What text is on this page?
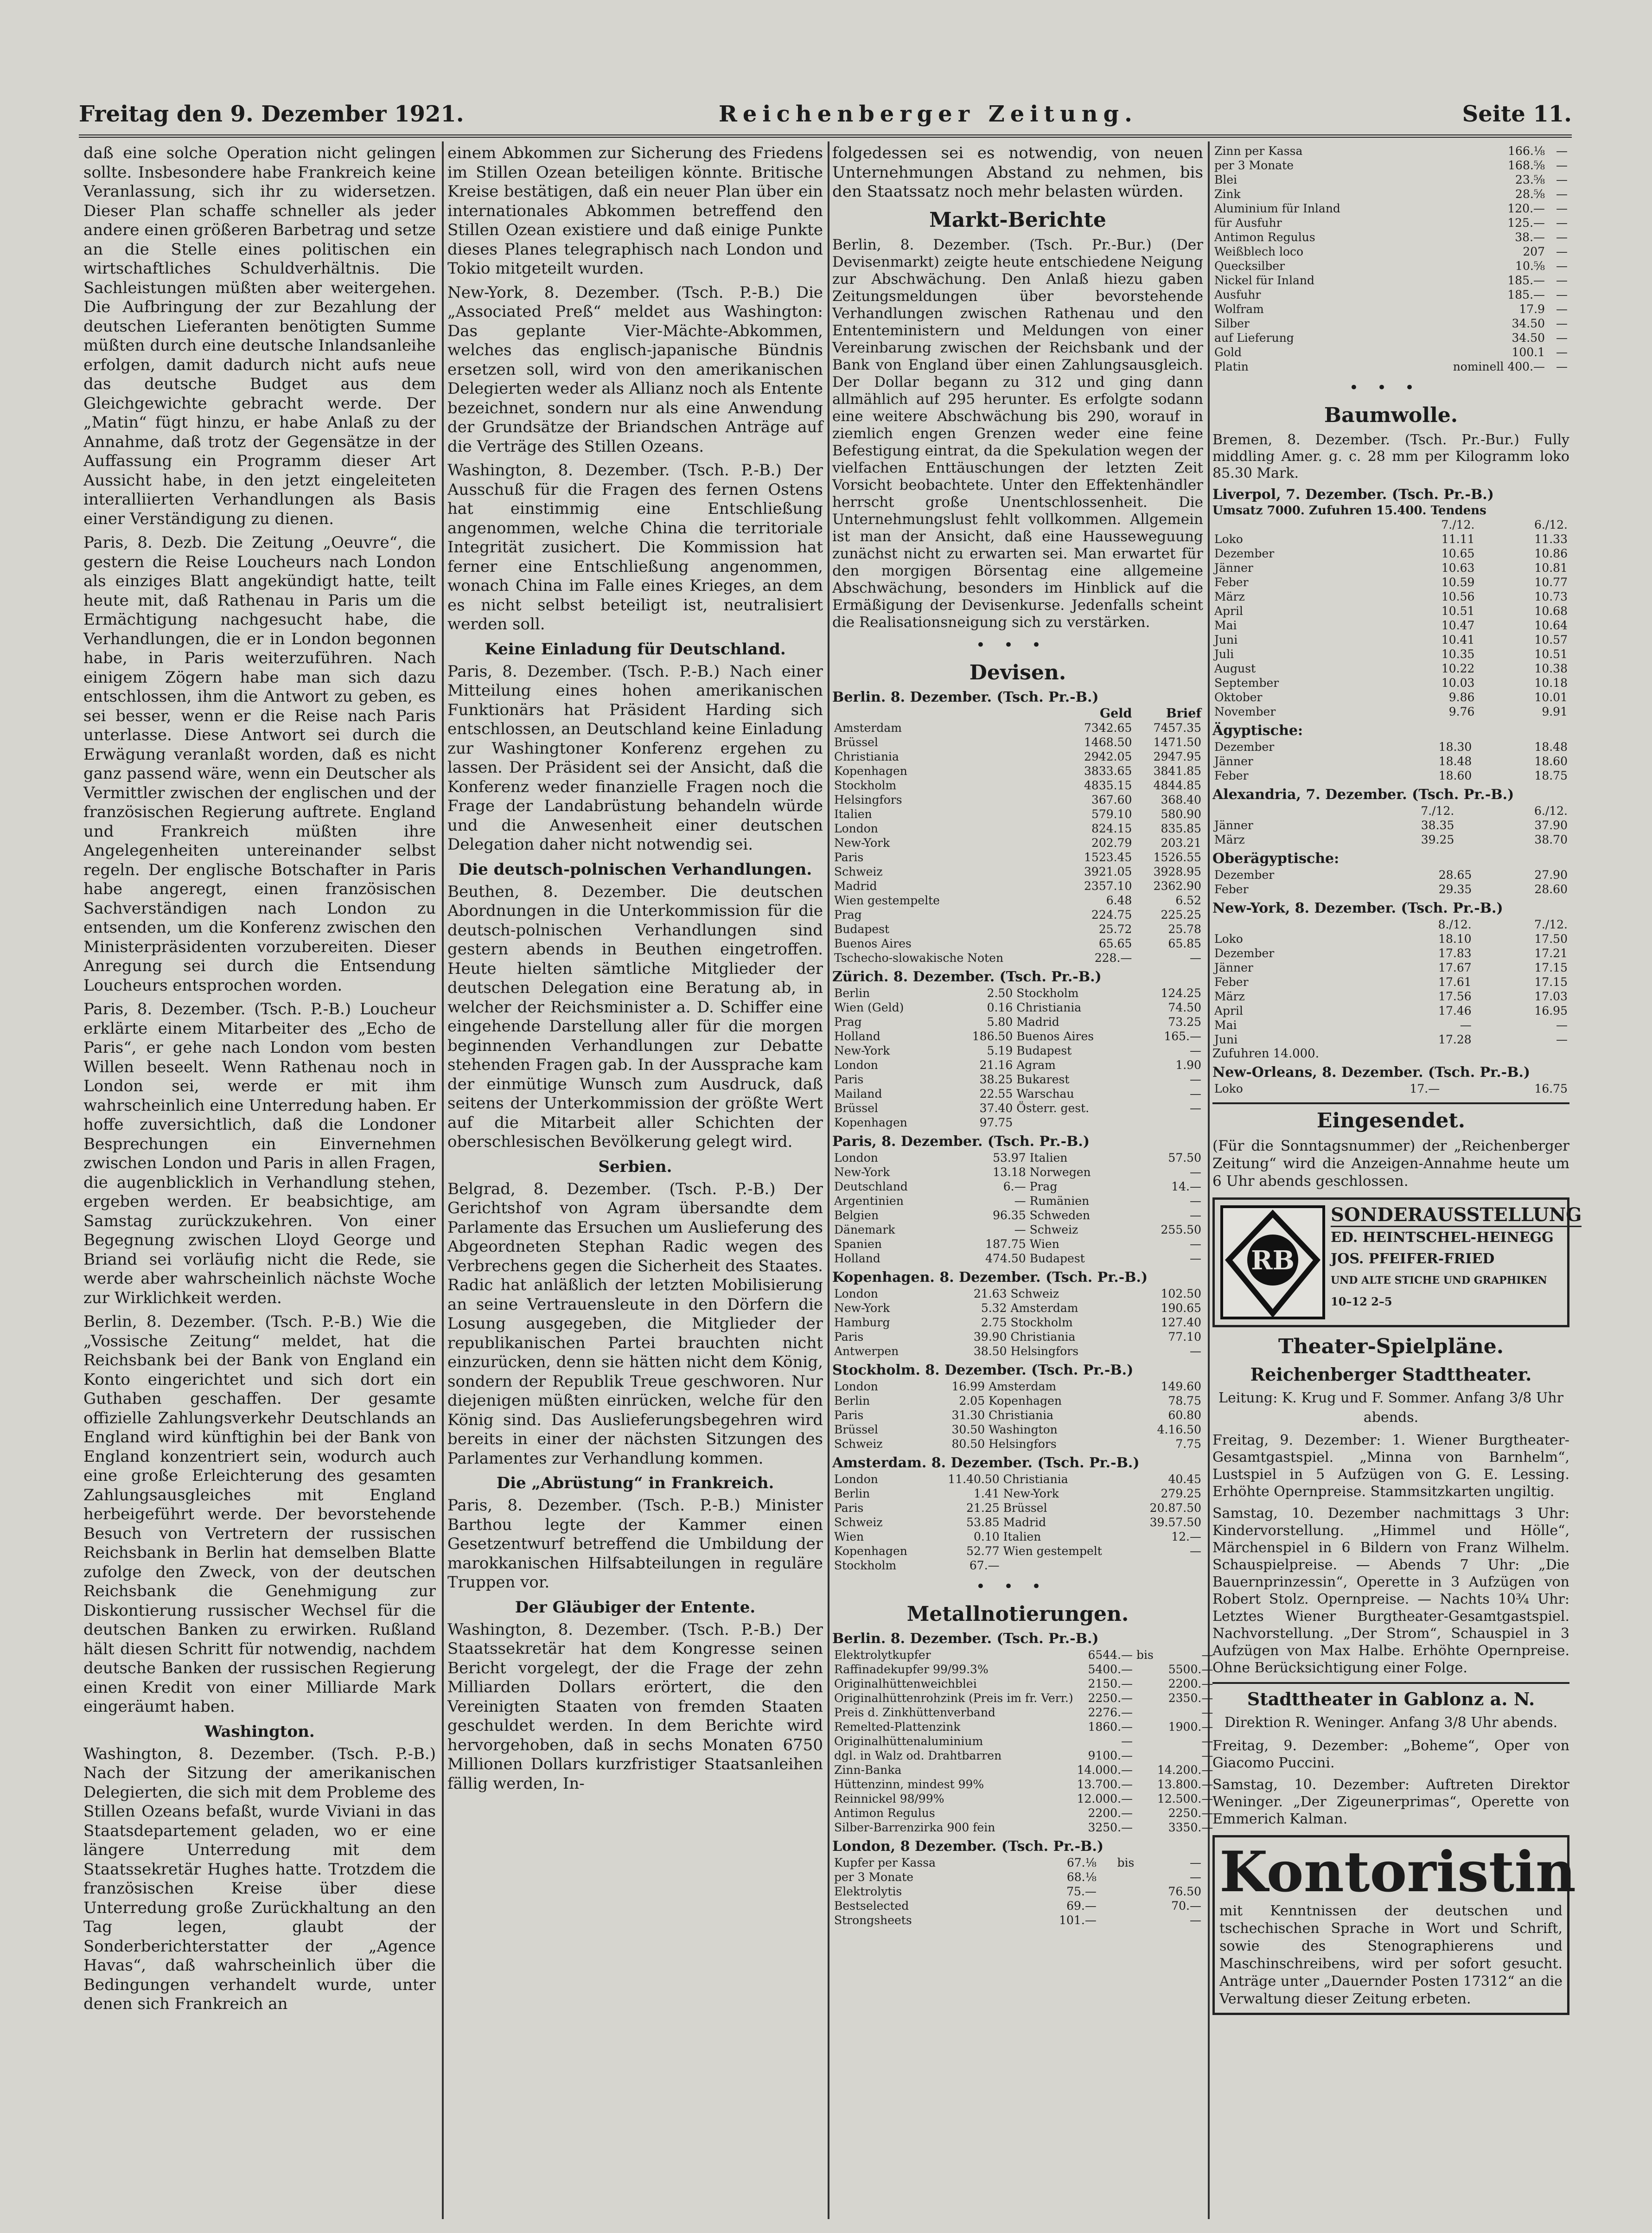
Freitag den 9. Dezember 1921.	Reichenberger Zeitung.	Seite 11.

daß eine solche Operation nicht gelingen sollte. Insbesondere habe Frankreich keine Veranlassung, sich ihr zu widersetzen. Dieser Plan schaffe schneller als jeder andere einen größeren Barbetrag und setze an die Stelle eines politischen ein wirtschaftliches Schuldverhältnis. Die Sachleistungen müßten aber weitergehen. Die Aufbringung der zur Bezahlung der deutschen Lieferanten benötigten Summe müßten durch eine deutsche Inlandsanleihe erfolgen, damit dadurch nicht aufs neue das deutsche Budget aus dem Gleichgewichte gebracht werde. Der „Matin“ fügt hinzu, er habe Anlaß zu der Annahme, daß trotz der Gegensätze in der Auffassung ein Programm dieser Art Aussicht habe, in den jetzt eingeleiteten interalliierten Verhandlungen als Basis einer Verständigung zu dienen.

Paris, 8. Dezb. Die Zeitung „Oeuvre“, die gestern die Reise Loucheurs nach London als einziges Blatt angekündigt hatte, teilt heute mit, daß Rathenau in Paris um die Ermächtigung nachgesucht habe, die Verhandlungen, die er in London begonnen habe, in Paris weiterzuführen. Nach einigem Zögern habe man sich dazu entschlossen, ihm die Antwort zu geben, es sei besser, wenn er die Reise nach Paris unterlasse. Diese Antwort sei durch die Erwägung veranlaßt worden, daß es nicht ganz passend wäre, wenn ein Deutscher als Vermittler zwischen der englischen und der französischen Regierung auftrete. England und Frankreich müßten ihre Angelegenheiten untereinander selbst regeln. Der englische Botschafter in Paris habe angeregt, einen französischen Sachverständigen nach London zu entsenden, um die Konferenz zwischen den Ministerpräsidenten vorzubereiten. Dieser Anregung sei durch die Entsendung Loucheurs entsprochen worden.

Paris, 8. Dezember. (Tsch. P.-B.) Loucheur erklärte einem Mitarbeiter des „Echo de Paris“, er gehe nach London vom besten Willen beseelt. Wenn Rathenau noch in London sei, werde er mit ihm wahrscheinlich eine Unterredung haben. Er hoffe zuversichtlich, daß die Londoner Besprechungen ein Einvernehmen zwischen London und Paris in allen Fragen, die augenblicklich in Verhandlung stehen, ergeben werden. Er beabsichtige, am Samstag zurückzukehren. Von einer Begegnung zwischen Lloyd George und Briand sei vorläufig nicht die Rede, sie werde aber wahrscheinlich nächste Woche zur Wirklichkeit werden.

Berlin, 8. Dezember. (Tsch. P.-B.) Wie die „Vossische Zeitung“ meldet, hat die Reichsbank bei der Bank von England ein Konto eingerichtet und sich dort ein Guthaben geschaffen. Der gesamte offizielle Zahlungsverkehr Deutschlands an England wird künftighin bei der Bank von England konzentriert sein, wodurch auch eine große Erleichterung des gesamten Zahlungsausgleiches mit England herbeigeführt werde. Der bevorstehende Besuch von Vertretern der russischen Reichsbank in Berlin hat demselben Blatte zufolge den Zweck, von der deutschen Reichsbank die Genehmigung zur Diskontierung russischer Wechsel für die deutschen Banken zu erwirken. Rußland hält diesen Schritt für notwendig, nachdem deutsche Banken der russischen Regierung einen Kredit von einer Milliarde Mark eingeräumt haben.

Washington.

Washington, 8. Dezember. (Tsch. P.-B.) Nach der Sitzung der amerikanischen Delegierten, die sich mit dem Probleme des Stillen Ozeans befaßt, wurde Viviani in das Staatsdepartement geladen, wo er eine längere Unterredung mit dem Staatssekretär Hughes hatte. Trotzdem die französischen Kreise über diese Unterredung große Zurückhaltung an den Tag legen, glaubt der Sonderberichterstatter der „Agence Havas“, daß wahrscheinlich über die Bedingungen verhandelt wurde, unter denen sich Frankreich an

einem Abkommen zur Sicherung des Friedens im Stillen Ozean beteiligen könnte. Britische Kreise bestätigen, daß ein neuer Plan über ein internationales Abkommen betreffend den Stillen Ozean existiere und daß einige Punkte dieses Planes telegraphisch nach London und Tokio mitgeteilt wurden.

New-York, 8. Dezember. (Tsch. P.-B.) Die „Associated Preß“ meldet aus Washington: Das geplante Vier-Mächte-Abkommen, welches das englisch-japanische Bündnis ersetzen soll, wird von den amerikanischen Delegierten weder als Allianz noch als Entente bezeichnet, sondern nur als eine Anwendung der Grundsätze der Briandschen Anträge auf die Verträge des Stillen Ozeans.

Washington, 8. Dezember. (Tsch. P.-B.) Der Ausschuß für die Fragen des fernen Ostens hat einstimmig eine Entschließung angenommen, welche China die territoriale Integrität zusichert. Die Kommission hat ferner eine Entschließung angenommen, wonach China im Falle eines Krieges, an dem es nicht selbst beteiligt ist, neutralisiert werden soll.

Keine Einladung für Deutschland.

Paris, 8. Dezember. (Tsch. P.-B.) Nach einer Mitteilung eines hohen amerikanischen Funktionärs hat Präsident Harding sich entschlossen, an Deutschland keine Einladung zur Washingtoner Konferenz ergehen zu lassen. Der Präsident sei der Ansicht, daß die Konferenz weder finanzielle Fragen noch die Frage der Landabrüstung behandeln würde und die Anwesenheit einer deutschen Delegation daher nicht notwendig sei.

Die deutsch-polnischen Verhandlungen.

Beuthen, 8. Dezember. Die deutschen Abordnungen in die Unterkommission für die deutsch-polnischen Verhandlungen sind gestern abends in Beuthen eingetroffen. Heute hielten sämtliche Mitglieder der deutschen Delegation eine Beratung ab, in welcher der Reichsminister a. D. Schiffer eine eingehende Darstellung aller für die morgen beginnenden Verhandlungen zur Debatte stehenden Fragen gab. In der Aussprache kam der einmütige Wunsch zum Ausdruck, daß seitens der Unterkommission der größte Wert auf die Mitarbeit aller Schichten der oberschlesischen Bevölkerung gelegt wird.

Serbien.

Belgrad, 8. Dezember. (Tsch. P.-B.) Der Gerichtshof von Agram übersandte dem Parlamente das Ersuchen um Auslieferung des Abgeordneten Stephan Radic wegen des Verbrechens gegen die Sicherheit des Staates. Radic hat anläßlich der letzten Mobilisierung an seine Vertrauensleute in den Dörfern die Losung ausgegeben, die Mitglieder der republikanischen Partei brauchten nicht einzurücken, denn sie hätten nicht dem König, sondern der Republik Treue geschworen. Nur diejenigen müßten einrücken, welche für den König sind. Das Auslieferungsbegehren wird bereits in einer der nächsten Sitzungen des Parlamentes zur Verhandlung kommen.

Die „Abrüstung“ in Frankreich.

Paris, 8. Dezember. (Tsch. P.-B.) Minister Barthou legte der Kammer einen Gesetzentwurf betreffend die Umbildung der marokkanischen Hilfsabteilungen in reguläre Truppen vor.

Der Gläubiger der Entente.

Washington, 8. Dezember. (Tsch. P.-B.) Der Staatssekretär hat dem Kongresse seinen Bericht vorgelegt, der die Frage der zehn Milliarden Dollars erörtert, die den Vereinigten Staaten von fremden Staaten geschuldet werden. In dem Berichte wird hervorgehoben, daß in sechs Monaten 6750 Millionen Dollars kurzfristiger Staatsanleihen fällig werden, In-

folgedessen sei es notwendig, von neuen Unternehmungen Abstand zu nehmen, bis den Staatssatz noch mehr belasten würden.

Markt-Berichte

Berlin, 8. Dezember. (Tsch. Pr.-Bur.) (Der Devisenmarkt) zeigte heute entschiedene Neigung zur Abschwächung. Den Anlaß hiezu gaben Zeitungsmeldungen über bevorstehende Verhandlungen zwischen Rathenau und den Ententeministern und Meldungen von einer Vereinbarung zwischen der Reichsbank und der Bank von England über einen Zahlungsausgleich. Der Dollar begann zu 312 und ging dann allmählich auf 295 herunter. Es erfolgte sodann eine weitere Abschwächung bis 290, worauf in ziemlich engen Grenzen weder eine feine Befestigung eintrat, da die Spekulation wegen der vielfachen Enttäuschungen der letzten Zeit Vorsicht beobachtete. Unter den Effektenhändler herrscht große Unentschlossenheit. Die Unternehmungslust fehlt vollkommen. Allgemein ist man der Ansicht, daß eine Hausseweguung zunächst nicht zu erwarten sei. Man erwartet für den morgigen Börsentag eine allgemeine Abschwächung, besonders im Hinblick auf die Ermäßigung der Devisenkurse. Jedenfalls scheint die Realisationsneigung sich zu verstärken.

•••
Devisen.
Berlin. 8. Dezember. (Tsch. Pr.-B.)
	Geld	Brief
Amsterdam	7342.65	7457.35
Brüssel	1468.50	1471.50
Christiania	2942.05	2947.95
Kopenhagen	3833.65	3841.85
Stockholm	4835.15	4844.85
Helsingfors	367.60	368.40
Italien	579.10	580.90
London	824.15	835.85
New-York	202.79	203.21
Paris	1523.45	1526.55
Schweiz	3921.05	3928.95
Madrid	2357.10	2362.90
Wien gestempelte	6.48	6.52
Prag	224.75	225.25
Budapest	25.72	25.78
Buenos Aires	65.65	65.85
Tschecho-slowakische Noten	228.—	—
Zürich. 8. Dezember. (Tsch. Pr.-B.)
Berlin	2.50	Stockholm	124.25
Wien (Geld)	0.16	Christiania	74.50
Prag	5.80	Madrid	73.25
Holland	186.50	Buenos Aires	165.—
New-York	5.19	Budapest	—
London	21.16	Agram	1.90
Paris	38.25	Bukarest	—
Mailand	22.55	Warschau	—
Brüssel	37.40	Österr. gest.	—
Kopenhagen	97.75		
Paris, 8. Dezember. (Tsch. Pr.-B.)
London	53.97	Italien	57.50
New-York	13.18	Norwegen	—
Deutschland	6.—	Prag	14.—
Argentinien	—	Rumänien	—
Belgien	96.35	Schweden	—
Dänemark	—	Schweiz	255.50
Spanien	187.75	Wien	—
Holland	474.50	Budapest	—
Kopenhagen. 8. Dezember. (Tsch. Pr.-B.)
London	21.63	Schweiz	102.50
New-York	5.32	Amsterdam	190.65
Hamburg	2.75	Stockholm	127.40
Paris	39.90	Christiania	77.10
Antwerpen	38.50	Helsingfors	—
Stockholm. 8. Dezember. (Tsch. Pr.-B.)
London	16.99	Amsterdam	149.60
Berlin	2.05	Kopenhagen	78.75
Paris	31.30	Christiania	60.80
Brüssel	30.50	Washington	4.16.50
Schweiz	80.50	Helsingfors	7.75
Amsterdam. 8. Dezember. (Tsch. Pr.-B.)
London	11.40.50	Christiania	40.45
Berlin	1.41	New-York	279.25
Paris	21.25	Brüssel	20.87.50
Schweiz	53.85	Madrid	39.57.50
Wien	0.10	Italien	12.—
Kopenhagen	52.77	Wien gestempelt	—
Stockholm	67.—		
•••
Metallnotierungen.
Berlin. 8. Dezember. (Tsch. Pr.-B.)
Elektrolytkupfer	6544.—	bis	—
Raffinadekupfer 99/99.3%	5400.—		5500.—
Originalhüttenweichblei	2150.—		2200.—
Originalhüttenrohzink (Preis im fr. Verr.)	2250.—		2350.—
Preis d. Zinkhüttenverband	2276.—		—
Remelted-Plattenzink	1860.—		1900.—
Originalhüttenaluminium	—		—
dgl. in Walz od. Drahtbarren	9100.—		—
Zinn-Banka	14.000.—		14.200.—
Hüttenzinn, mindest 99%	13.700.—		13.800.—
Reinnickel 98/99%	12.000.—		12.500.—
Antimon Regulus	2200.—		2250.—
Silber-Barrenzirka 900 fein	3250.—		3350.—
London, 8 Dezember. (Tsch. Pr.-B.)
Kupfer per Kassa	67.⅛	bis	—
per 3 Monate	68.⅛		—
Elektrolytis	75.—		76.50
Bestselected	69.—		70.—
Strongsheets	101.—		—
Zinn per Kassa	166.⅛	—
per 3 Monate	168.⅝	—
Blei	23.⅝	—
Zink	28.⅝	—
Aluminium für Inland	120.—	—
für Ausfuhr	125.—	—
Antimon Regulus	38.—	—
Weißblech loco	207	—
Quecksilber	10.⅝	—
Nickel für Inland	185.—	—
Ausfuhr	185.—	—
Wolfram	17.9	—
Silber	34.50	—
auf Lieferung	34.50	—
Gold	100.1	—
Platin	nominell 400.—	—
•••
Baumwolle.

Bremen, 8. Dezember. (Tsch. Pr.-Bur.) Fully middling Amer. g. c. 28 mm per Kilogramm loko 85.30 Mark.

Liverpol, 7. Dezember. (Tsch. Pr.-B.)
Umsatz 7000. Zufuhren 15.400. Tendens
	7./12.	6./12.
Loko	11.11	11.33
Dezember	10.65	10.86
Jänner	10.63	10.81
Feber	10.59	10.77
März	10.56	10.73
April	10.51	10.68
Mai	10.47	10.64
Juni	10.41	10.57
Juli	10.35	10.51
August	10.22	10.38
September	10.03	10.18
Oktober	9.86	10.01
November	9.76	9.91
Ägyptische:
Dezember	18.30	18.48
Jänner	18.48	18.60
Feber	18.60	18.75
Alexandria, 7. Dezember. (Tsch. Pr.-B.)
	7./12.	6./12.
Jänner	38.35	37.90
März	39.25	38.70
Oberägyptische:
Dezember	28.65	27.90
Feber	29.35	28.60
New-York, 8. Dezember. (Tsch. Pr.-B.)
	8./12.	7./12.
Loko	18.10	17.50
Dezember	17.83	17.21
Jänner	17.67	17.15
Feber	17.61	17.15
März	17.56	17.03
April	17.46	16.95
Mai	—	—
Juni	17.28	—
Zufuhren 14.000.
New-Orleans, 8. Dezember. (Tsch. Pr.-B.)
Loko	17.—	16.75
Eingesendet.

(Für die Sonntagsnummer) der „Reichenberger Zeitung“ wird die Anzeigen-Annahme heute um 6 Uhr abends geschlossen.

RB
SONDERAUSSTELLUNG
ED. HEINTSCHEL-HEINEGG
JOS. PFEIFER-FRIED
UND ALTE STICHE UND GRAPHIKEN
10–12 2–5
Theater-Spielpläne.
Reichenberger Stadttheater.

Leitung: K. Krug und F. Sommer. Anfang 3/8 Uhr abends.

Freitag, 9. Dezember: 1. Wiener Burgtheater-Gesamtgastspiel. „Minna von Barnhelm“, Lustspiel in 5 Aufzügen von G. E. Lessing. Erhöhte Opernpreise. Stammsitzkarten ungiltig.

Samstag, 10. Dezember nachmittags 3 Uhr: Kindervorstellung. „Himmel und Hölle“, Märchenspiel in 6 Bildern von Franz Wilhelm. Schauspielpreise. — Abends 7 Uhr: „Die Bauernprinzessin“, Operette in 3 Aufzügen von Robert Stolz. Opernpreise. — Nachts 10¾ Uhr: Letztes Wiener Burgtheater-Gesamtgastspiel. Nachvorstellung. „Der Strom“, Schauspiel in 3 Aufzügen von Max Halbe. Erhöhte Opernpreise. Ohne Berücksichtigung einer Folge.

Stadttheater in Gablonz a. N.

Direktion R. Weninger. Anfang 3/8 Uhr abends.

Freitag, 9. Dezember: „Boheme“, Oper von Giacomo Puccini.

Samstag, 10. Dezember: Auftreten Direktor Weninger. „Der Zigeunerprimas“, Operette von Emmerich Kalman.

Kontoristin
mit Kenntnissen der deutschen und tschechischen Sprache in Wort und Schrift, sowie des Stenographierens und Maschinschreibens, wird per sofort gesucht. Anträge unter „Dauernder Posten 17312“ an die Verwaltung dieser Zeitung erbeten.
